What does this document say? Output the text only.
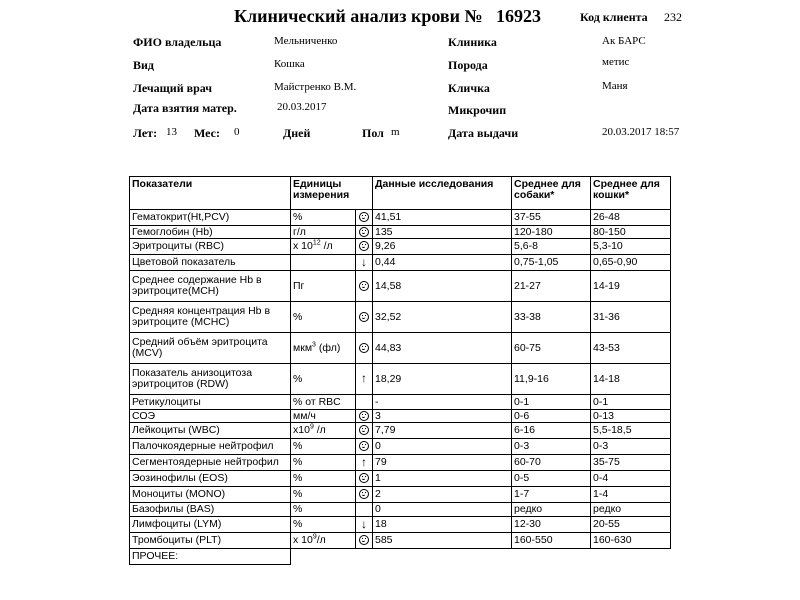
Клинический анализ крови № 16923	Код клиента 232
ФИО владельца	Мельниченко
Вид	Кошка
Лечащий врач	Майстренко В.М.
Дата взятия матер.	20.03.2017
Клиника	Ак БАРС
Порода	метис
Кличка	Маня
Микрочип
Лет: 13 Мес: 0	Дней	Пол m	Дата выдачи	20.03.2017 18:57
Показатели	Единицы измерения		Данные исследования	Среднее для собаки*	Среднее для кошки*
Гематокрит(Ht,PCV)	%		41,51	37-55	26-48
Гемоглобин (Hb)	г/л		135	120-180	80-150
Эритроциты (RBC)	х $10^{12}$ /л		9,26	5,6-8	5,3-10
Цветовой показатель		↓	0,44	0,75-1,05	0,65-0,90
Среднее содержание Hb в эритроците(MCH)	Пг		14,58	21-27	14-19
Средняя концентрация Hb в эритроците (MCHC)	%		32,52	33-38	31-36
Средний объём эритроцита (MCV)	мкм$^3$ (фл)		44,83	60-75	43-53
Показатель анизоцитоза эритроцитов (RDW)	%	↑	18,29	11,9-16	14-18
Ретикулоциты	% от RBC		-	0-1	0-1
СОЭ	мм/ч		3	0-6	0-13
Лейкоциты (WBC)	$х10^9$ /л		7,79	6-16	5,5-18,5
Палочкоядерные нейтрофил	%		0	0-3	0-3
Сегментоядерные нейтрофил	%	↑	79	60-70	35-75
Эозинофилы (EOS)	%		1	0-5	0-4
Моноциты (MONO)	%		2	1-7	1-4
Базофилы (BAS)	%		0	редко	редко
Лимфоциты (LYM)	%	↓	18	12-30	20-55
Тромбоциты (PLT)	х $10^9/л$		585	160-550	160-630
ПРОЧЕЕ:					
